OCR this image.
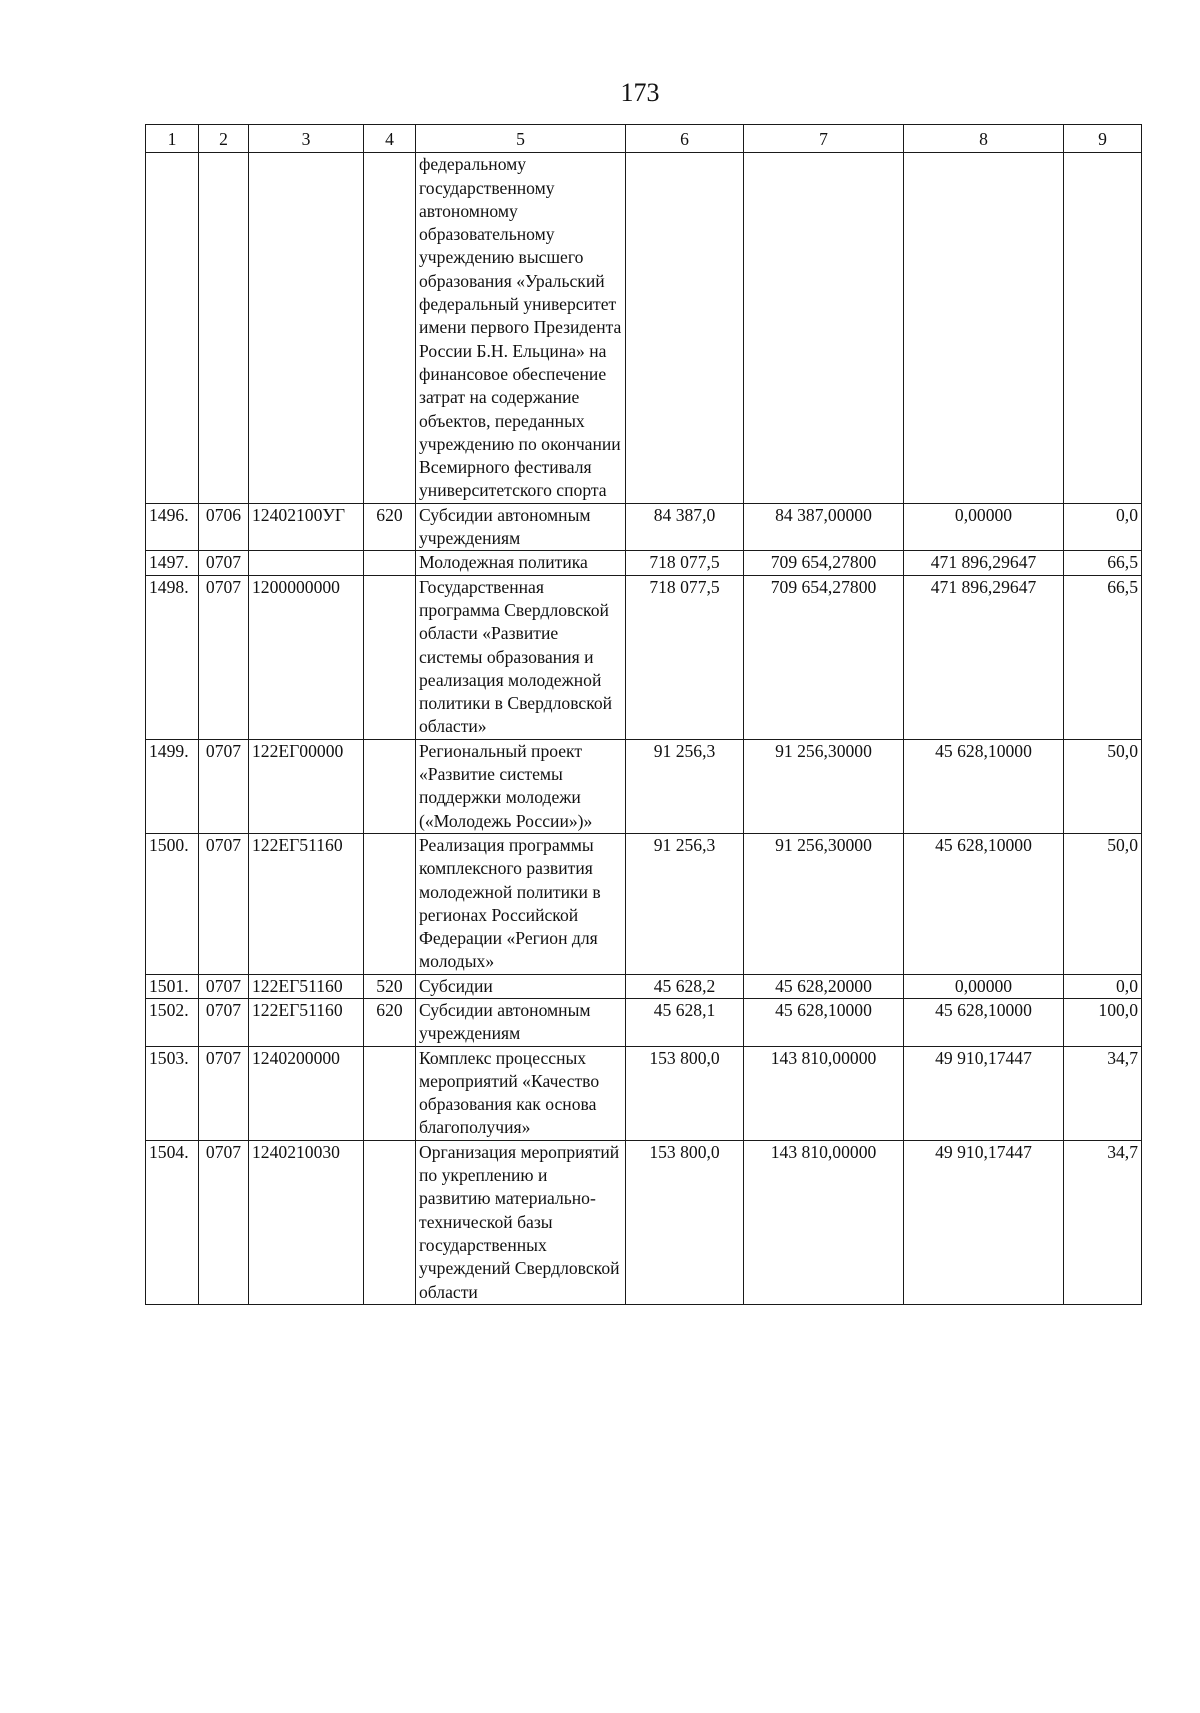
173
1	2	3	4	5	6	7	8	9
				федеральному государственному автономному образовательному учреждению высшего образования «Уральский федеральный университет имени первого Президента России Б.Н. Ельцина» на финансовое обеспечение затрат на содержание объектов, переданных учреждению по окончании Всемирного фестиваля университетского спорта				
1496.	0706	12402100УГ	620	Субсидии автономным учреждениям	84 387,0	84 387,00000	0,00000	0,0
1497.	0707			Молодежная политика	718 077,5	709 654,27800	471 896,29647	66,5
1498.	0707	1200000000		Государственная программа Свердловской области «Развитие системы образования и реализация молодежной политики в Свердловской области»	718 077,5	709 654,27800	471 896,29647	66,5
1499.	0707	122ЕГ00000		Региональный проект «Развитие системы поддержки молодежи («Молодежь России»)»	91 256,3	91 256,30000	45 628,10000	50,0
1500.	0707	122ЕГ51160		Реализация программы комплексного развития молодежной политики в регионах Российской Федерации «Регион для молодых»	91 256,3	91 256,30000	45 628,10000	50,0
1501.	0707	122ЕГ51160	520	Субсидии	45 628,2	45 628,20000	0,00000	0,0
1502.	0707	122ЕГ51160	620	Субсидии автономным учреждениям	45 628,1	45 628,10000	45 628,10000	100,0
1503.	0707	1240200000		Комплекс процессных мероприятий «Качество образования как основа благополучия»	153 800,0	143 810,00000	49 910,17447	34,7
1504.	0707	1240210030		Организация мероприятий по укреплению и развитию материально-технической базы государственных учреждений Свердловской области	153 800,0	143 810,00000	49 910,17447	34,7
